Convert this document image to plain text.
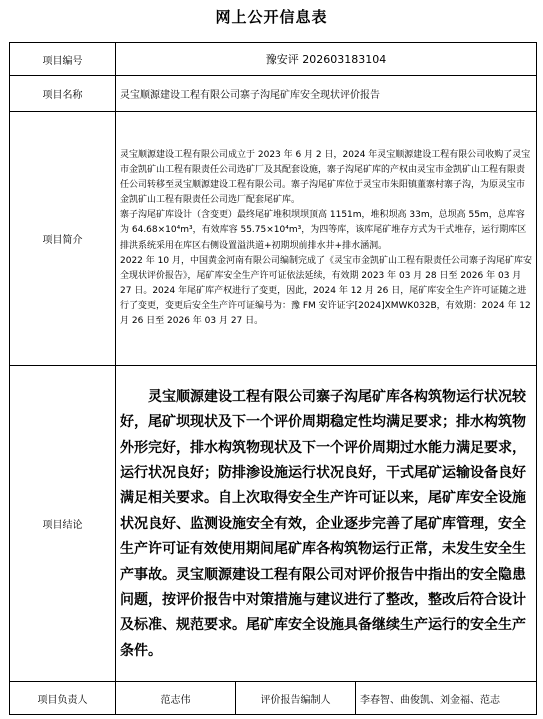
网上公开信息表
项目编号	豫安评 202603183104		
项目名称	灵宝顺源建设工程有限公司寨子沟尾矿库安全现状评价报告		
项目简介	灵宝顺源建设工程有限公司成立于 2023 年 6 月 2 日，2024 年灵宝顺源建设工程有限公司收购了灵宝市金凯矿山工程有限责任公司选矿厂及其配套设施，寨子沟尾矿库的产权由灵宝市金凯矿山工程有限责任公司转移至灵宝顺源建设工程有限公司。寨子沟尾矿库位于灵宝市朱阳镇董寨村寨子沟，为原灵宝市金凯矿山工程有限责任公司选厂配套尾矿库。

寨子沟尾矿库设计（含变更）最终尾矿堆积坝坝顶高 1151m，堆积坝高 33m，总坝高 55m，总库容为 64.68×10⁴m³，有效库容 55.75×10⁴m³，为四等库，该库尾矿堆存方式为干式堆存，运行期库区排洪系统采用在库区右侧设置溢洪道+初期坝前排水井+排水涵洞。

2022 年 10 月，中国黄金河南有限公司编制完成了《灵宝市金凯矿山工程有限责任公司寨子沟尾矿库安全现状评价报告》，尾矿库安全生产许可证依法延续，有效期 2023 年 03 月 28 日至 2026 年 03 月 27 日。2024 年尾矿库产权进行了变更，因此，2024 年 12 月 26 日，尾矿库安全生产许可证随之进行了变更，变更后安全生产许可证编号为：豫 FM 安许证字[2024]XMWK032B，有效期：2024 年 12 月 26 日至 2026 年 03 月 27 日。		

项目结论	灵宝顺源建设工程有限公司寨子沟尾矿库各构筑物运行状况较好，尾矿坝现状及下一个评价周期稳定性均满足要求；排水构筑物外形完好，排水构筑物现状及下一个评价周期过水能力满足要求，运行状况良好；防排渗设施运行状况良好，干式尾矿运输设备良好满足相关要求。自上次取得安全生产许可证以来，尾矿库安全设施状况良好、监测设施安全有效，企业逐步完善了尾矿库管理，安全生产许可证有效使用期间尾矿库各构筑物运行正常，未发生安全生产事故。灵宝顺源建设工程有限公司对评价报告中指出的安全隐患问题，按评价报告中对策措施与建议进行了整改，整改后符合设计及标准、规范要求。尾矿库安全设施具备继续生产运行的安全生产条件。		
项目负责人	范志伟	评价报告编制人	李春智、曲俊凯、刘金福、范志
